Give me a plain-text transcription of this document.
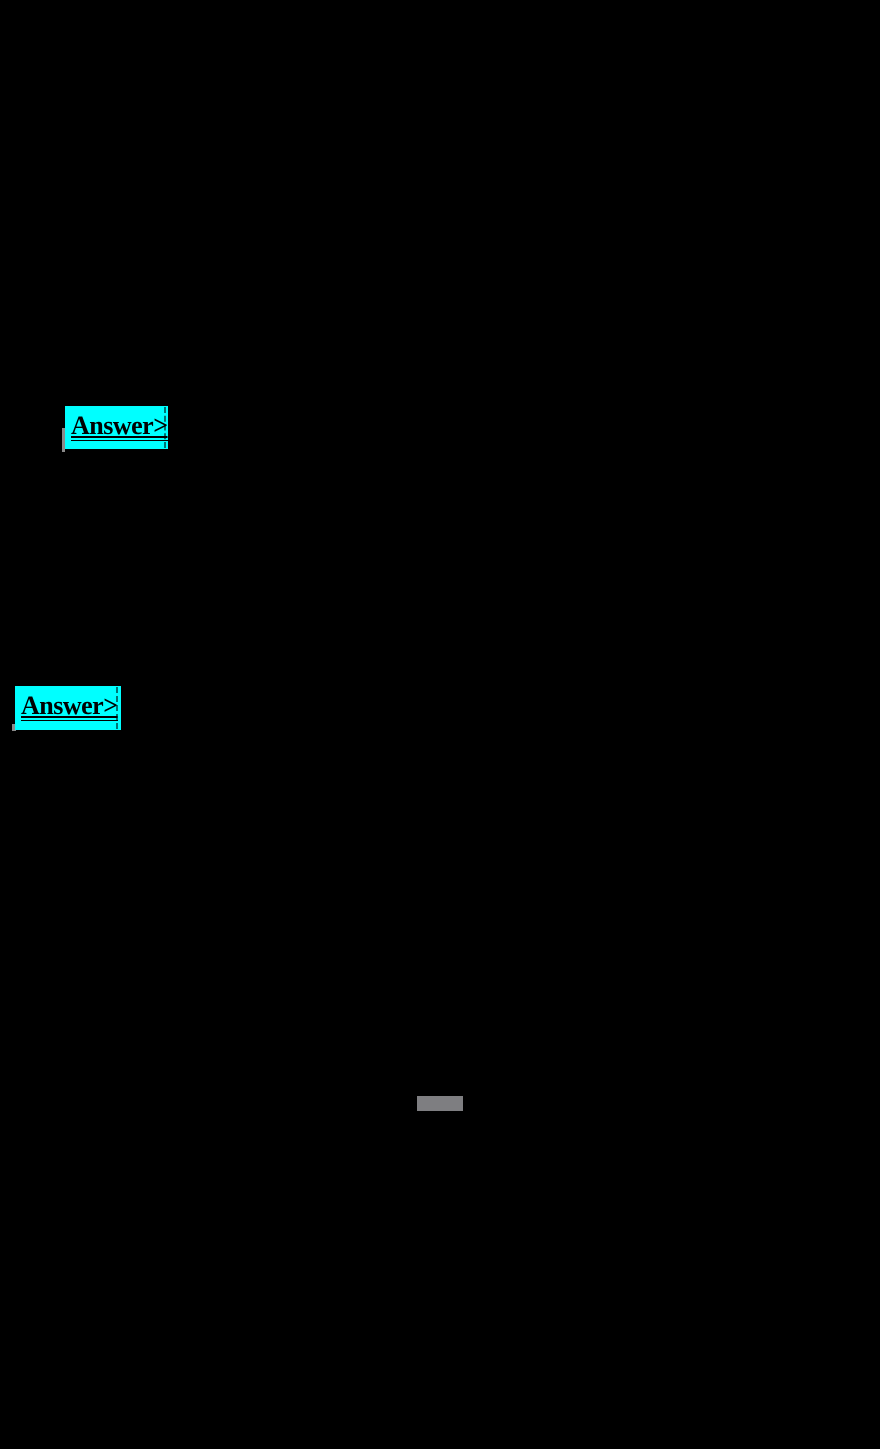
Answer>
Answer>
